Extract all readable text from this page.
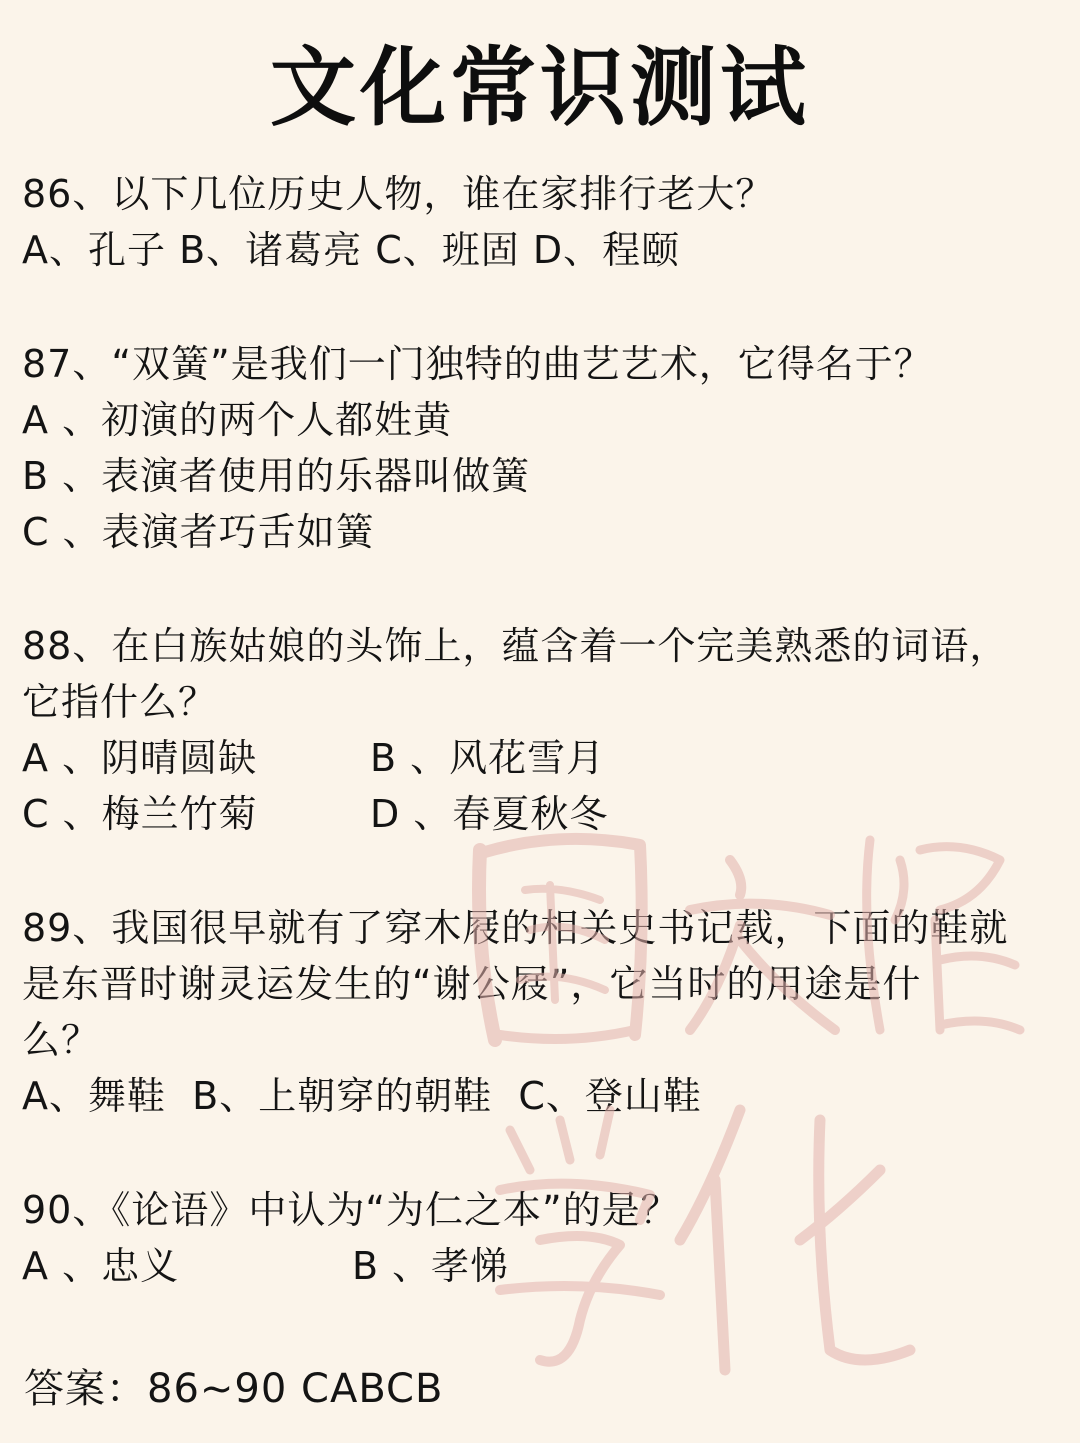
文化常识测试
86、以下几位历史人物，谁在家排行老大？
A、孔子 B、诸葛亮 C、班固 D、程颐
87、“双簧”是我们一门独特的曲艺艺术，它得名于？
A 、初演的两个人都姓黄
B 、表演者使用的乐器叫做簧
C 、表演者巧舌如簧
88、在白族姑娘的头饰上，蕴含着一个完美熟悉的词语，
它指什么？
A 、阴晴圆缺	B 、风花雪月
C 、梅兰竹菊	D 、春夏秋冬
89、我国很早就有了穿木屐的相关史书记载，下面的鞋就
是东晋时谢灵运发生的“谢公屐”，它当时的用途是什
么？
A、舞鞋  B、上朝穿的朝鞋  C、登山鞋
90、《论语》中认为“为仁之本”的是？
A 、忠义	B 、孝悌
答案：86~90 CABCB
